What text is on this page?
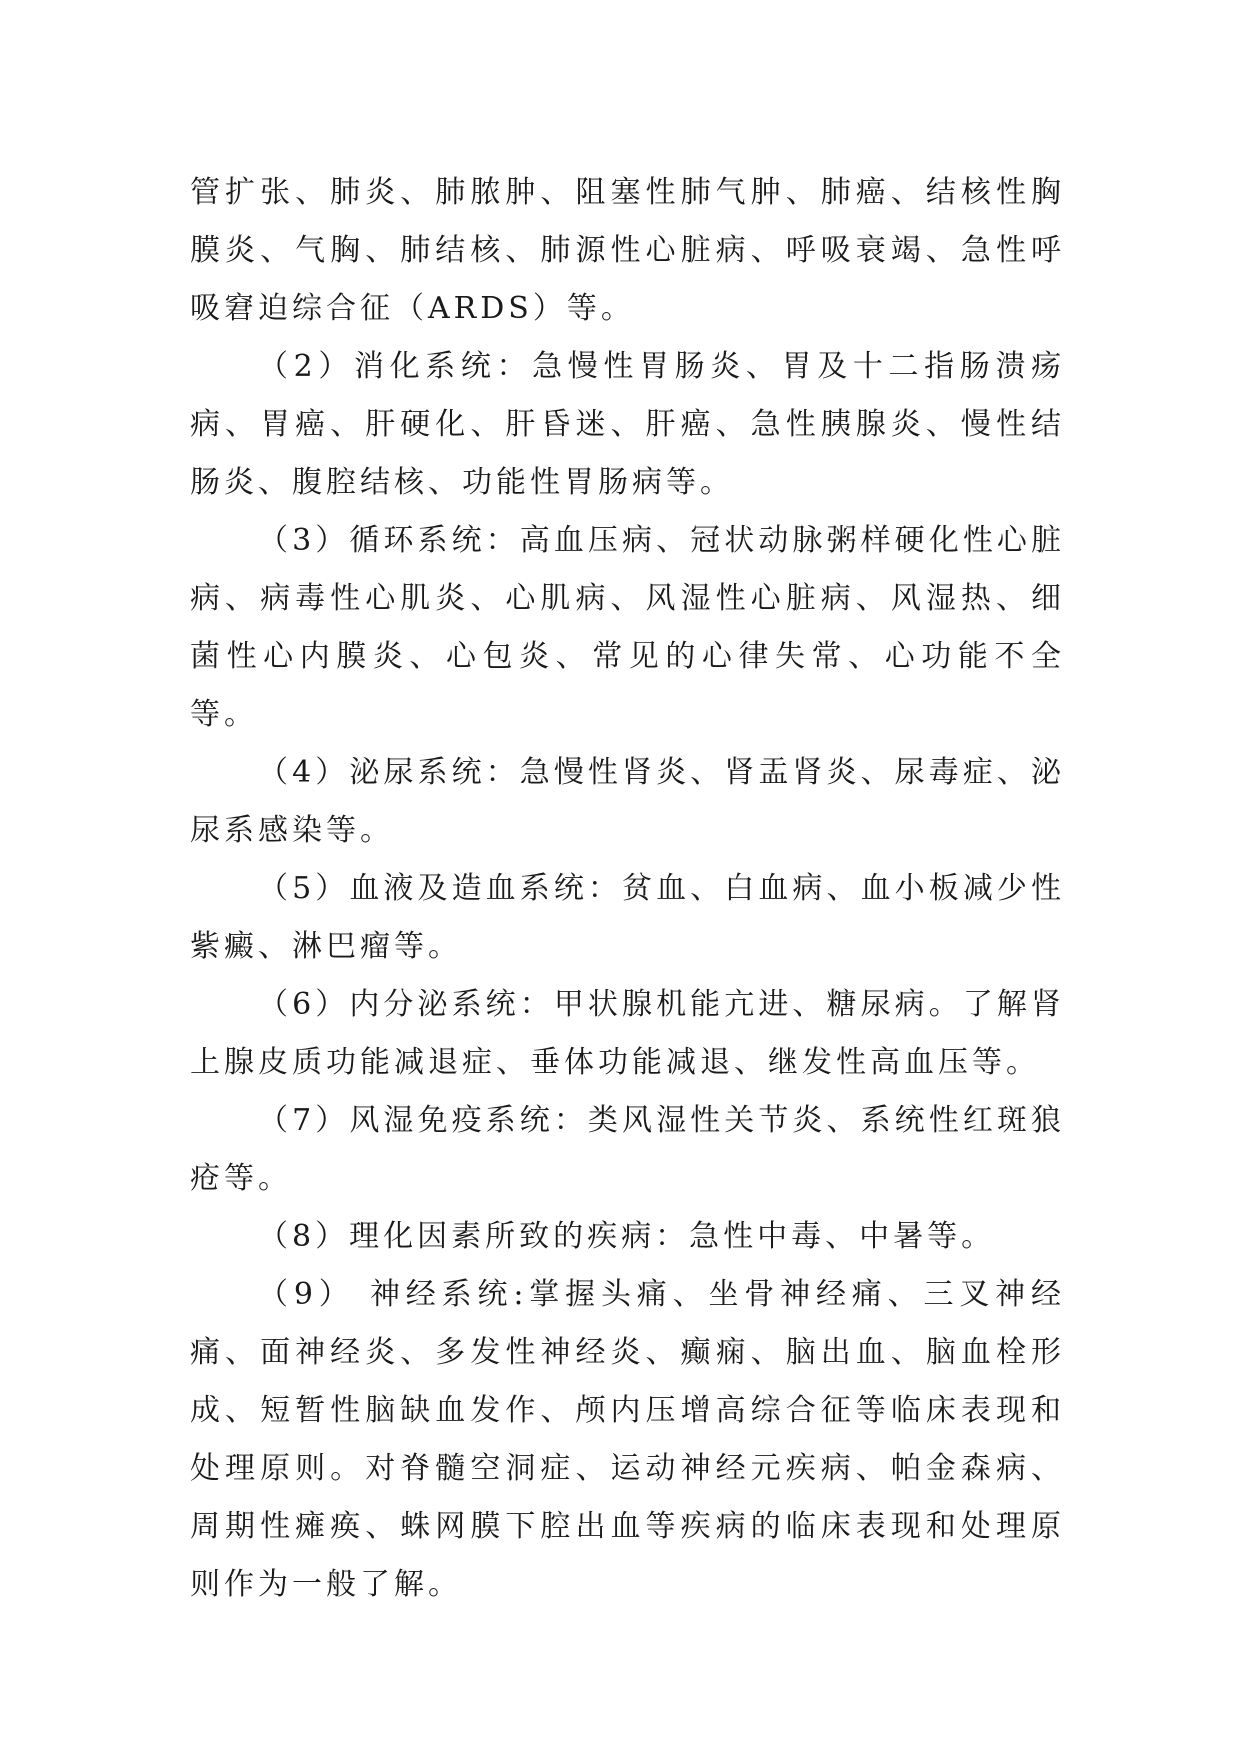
管扩张、肺炎、肺脓肿、阻塞性肺气肿、肺癌、结核性胸膜炎、气胸、肺结核、肺源性心脏病、呼吸衰竭、急性呼吸窘迫综合征（ARDS）等。

（2）消化系统：急慢性胃肠炎、胃及十二指肠溃疡病、胃癌、肝硬化、肝昏迷、肝癌、急性胰腺炎、慢性结肠炎、腹腔结核、功能性胃肠病等。

（3）循环系统：高血压病、冠状动脉粥样硬化性心脏病、病毒性心肌炎、心肌病、风湿性心脏病、风湿热、细菌性心内膜炎、心包炎、常见的心律失常、心功能不全等。

（4）泌尿系统：急慢性肾炎、肾盂肾炎、尿毒症、泌尿系感染等。

（5）血液及造血系统：贫血、白血病、血小板减少性紫癜、淋巴瘤等。

（6）内分泌系统：甲状腺机能亢进、糖尿病。了解肾上腺皮质功能减退症、垂体功能减退、继发性高血压等。

（7）风湿免疫系统：类风湿性关节炎、系统性红斑狼疮等。

（8）理化因素所致的疾病：急性中毒、中暑等。

（9） 神经系统:掌握头痛、坐骨神经痛、三叉神经痛、面神经炎、多发性神经炎、癫痫、脑出血、脑血栓形成、短暂性脑缺血发作、颅内压增高综合征等临床表现和处理原则。对脊髓空洞症、运动神经元疾病、帕金森病、周期性瘫痪、蛛网膜下腔出血等疾病的临床表现和处理原则作为一般了解。
